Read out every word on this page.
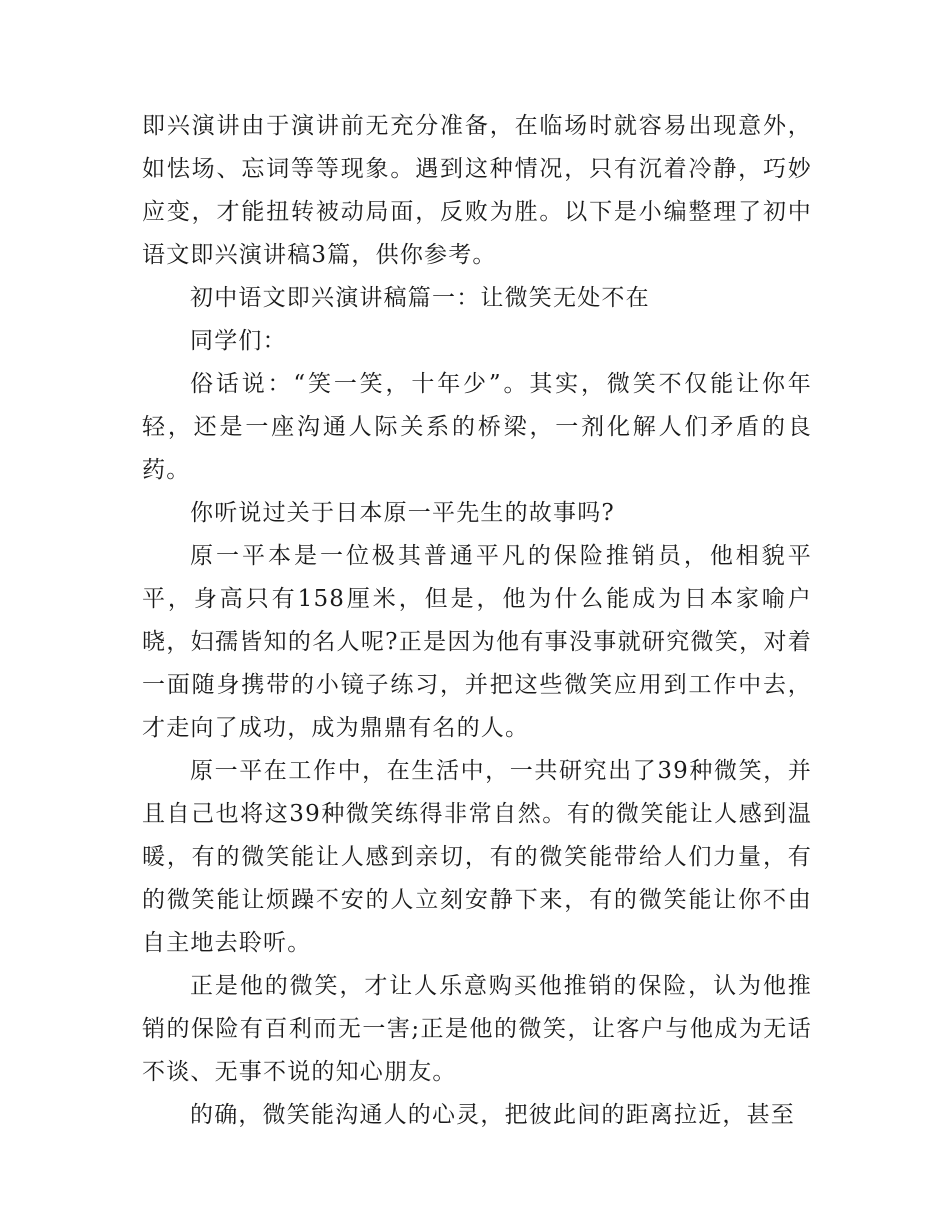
即兴演讲由于演讲前无充分准备，在临场时就容易出现意外，如怯场、忘词等等现象。遇到这种情况，只有沉着冷静，巧妙应变，才能扭转被动局面，反败为胜。以下是小编整理了初中语文即兴演讲稿3篇，供你参考。

初中语文即兴演讲稿篇一：让微笑无处不在

同学们：

俗话说：“笑一笑，十年少”。其实，微笑不仅能让你年轻，还是一座沟通人际关系的桥梁，一剂化解人们矛盾的良药。

你听说过关于日本原一平先生的故事吗?

原一平本是一位极其普通平凡的保险推销员，他相貌平平，身高只有158厘米，但是，他为什么能成为日本家喻户晓，妇孺皆知的名人呢?正是因为他有事没事就研究微笑，对着一面随身携带的小镜子练习，并把这些微笑应用到工作中去，才走向了成功，成为鼎鼎有名的人。

原一平在工作中，在生活中，一共研究出了39种微笑，并且自己也将这39种微笑练得非常自然。有的微笑能让人感到温暖，有的微笑能让人感到亲切，有的微笑能带给人们力量，有的微笑能让烦躁不安的人立刻安静下来，有的微笑能让你不由自主地去聆听。

正是他的微笑，才让人乐意购买他推销的保险，认为他推销的保险有百利而无一害;正是他的微笑，让客户与他成为无话不谈、无事不说的知心朋友。

的确，微笑能沟通人的心灵，把彼此间的距离拉近，甚至
